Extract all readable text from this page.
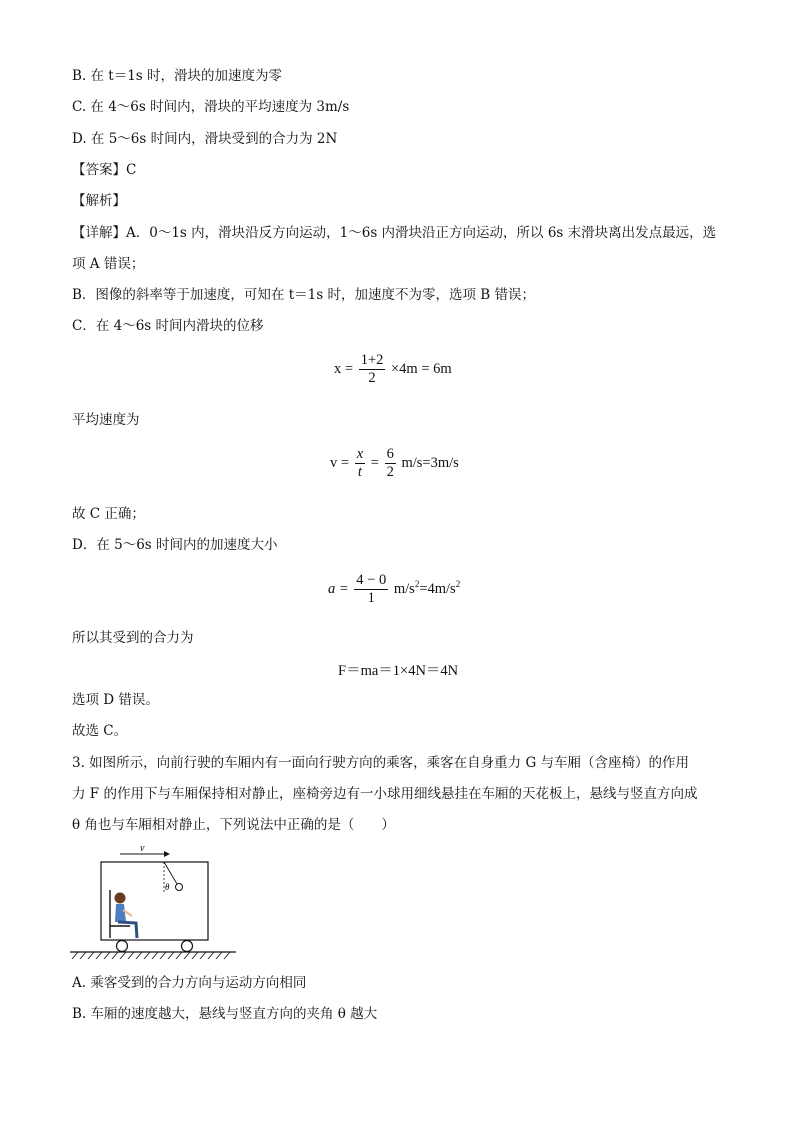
B. 在 t＝1s 时，滑块的加速度为零
C. 在 4～6s 时间内，滑块的平均速度为 3m/s
D. 在 5～6s 时间内，滑块受到的合力为 2N
【答案】C
【解析】
【详解】A．0～1s 内，滑块沿反方向运动，1～6s 内滑块沿正方向运动，所以 6s 末滑块离出发点最远，选
项 A 错误；
B．图像的斜率等于加速度，可知在 t＝1s 时，加速度不为零，选项 B 错误；
C．在 4～6s 时间内滑块的位移
$x = \frac{1+2}{2} \times 4m = 6m$
平均速度为
$v = \frac{x}{t} = \frac{6}{2} m/s=3m/s$
故 C 正确；
D．在 5～6s 时间内的加速度大小
$a = \frac{4 - 0}{1} m/s^2=4m/s^2$
所以其受到的合力为
F＝ma＝1×4N＝4N
选项 D 错误。
故选 C。
3. 如图所示，向前行驶的车厢内有一面向行驶方向的乘客，乘客在自身重力 G 与车厢（含座椅）的作用
力 F 的作用下与车厢保持相对静止，座椅旁边有一小球用细线悬挂在车厢的天花板上，悬线与竖直方向成
θ 角也与车厢相对静止，下列说法中正确的是（　　）
v
θ
A. 乘客受到的合力方向与运动方向相同
B. 车厢的速度越大，悬线与竖直方向的夹角 θ 越大
